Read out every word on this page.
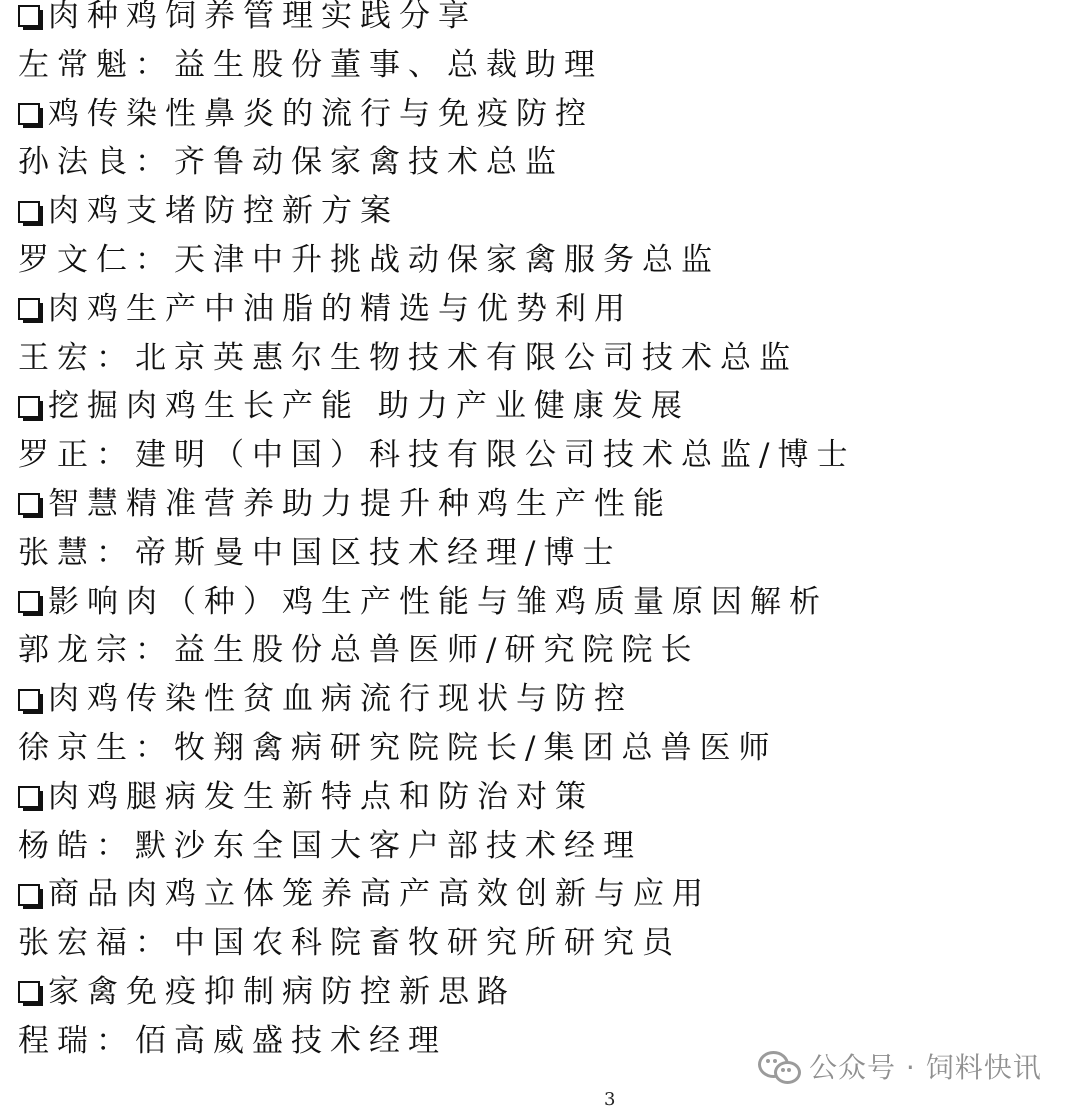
肉种鸡饲养管理实践分享
左常魁：益生股份董事、总裁助理
鸡传染性鼻炎的流行与免疫防控
孙法良：齐鲁动保家禽技术总监
肉鸡支堵防控新方案
罗文仁：天津中升挑战动保家禽服务总监
肉鸡生产中油脂的精选与优势利用
王宏：北京英惠尔生物技术有限公司技术总监
挖掘肉鸡生长产能 助力产业健康发展
罗正：建明（中国）科技有限公司技术总监/博士
智慧精准营养助力提升种鸡生产性能
张慧：帝斯曼中国区技术经理/博士
影响肉（种）鸡生产性能与雏鸡质量原因解析
郭龙宗：益生股份总兽医师/研究院院长
肉鸡传染性贫血病流行现状与防控
徐京生：牧翔禽病研究院院长/集团总兽医师
肉鸡腿病发生新特点和防治对策
杨皓：默沙东全国大客户部技术经理
商品肉鸡立体笼养高产高效创新与应用
张宏福：中国农科院畜牧研究所研究员
家禽免疫抑制病防控新思路
程瑞：佰高威盛技术经理
公众号 · 饲料快讯
3
